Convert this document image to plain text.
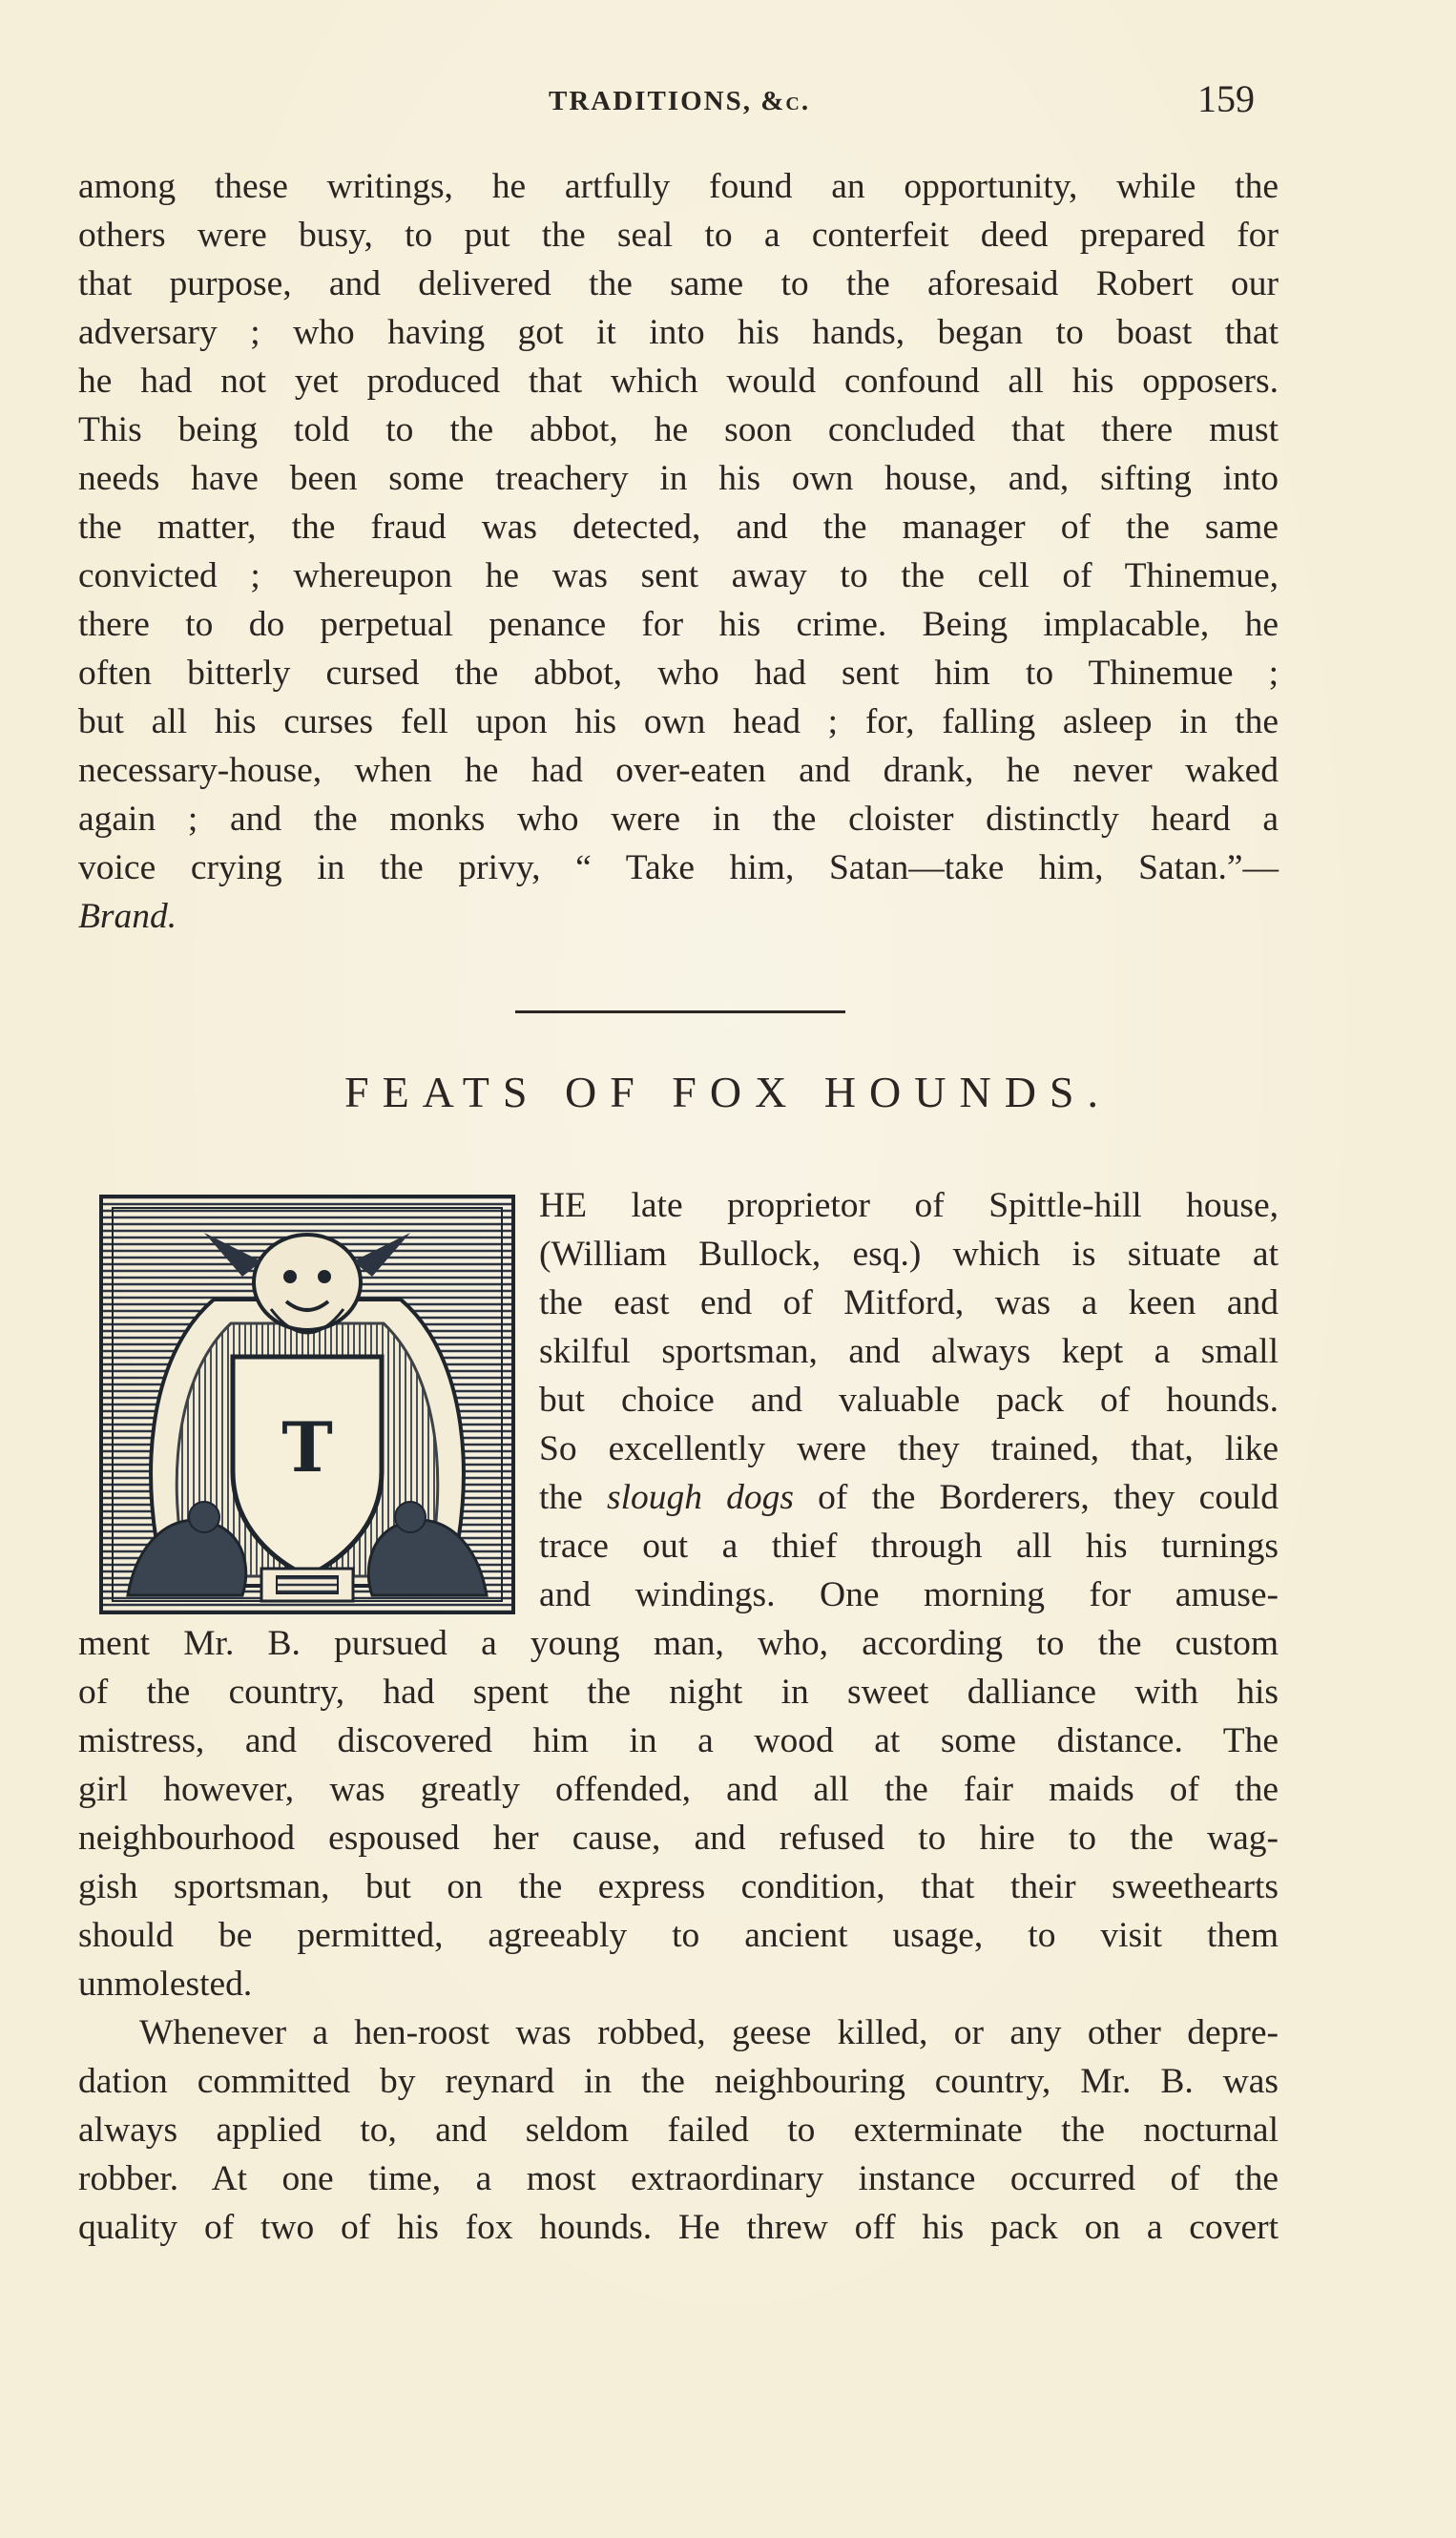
TRADITIONS, &c.	159
among these writings, he artfully found an opportunity, while the
others were busy, to put the seal to a conterfeit deed prepared for
that purpose, and delivered the same to the aforesaid Robert our
adversary ; who having got it into his hands, began to boast that
he had not yet produced that which would confound all his opposers.
This being told to the abbot, he soon concluded that there must
needs have been some treachery in his own house, and, sifting into
the matter, the fraud was detected, and the manager of the same
convicted ; whereupon he was sent away to the cell of Thinemue,
there to do perpetual penance for his crime. Being implacable, he
often bitterly cursed the abbot, who had sent him to Thinemue ;
but all his curses fell upon his own head ; for, falling asleep in the
necessary-house, when he had over-eaten and drank, he never waked
again ; and the monks who were in the cloister distinctly heard a
voice crying in the privy, “ Take him, Satan—take him, Satan.”—
Brand.
FEATS OF FOX HOUNDS.
T
HE late proprietor of Spittle-hill house,
(William Bullock, esq.) which is situate at
the east end of Mitford, was a keen and
skilful sportsman, and always kept a small
but choice and valuable pack of hounds.
So excellently were they trained, that, like
the slough dogs of the Borderers, they could
trace out a thief through all his turnings
and windings. One morning for amuse-
ment Mr. B. pursued a young man, who, according to the custom
of the country, had spent the night in sweet dalliance with his
mistress, and discovered him in a wood at some distance. The
girl however, was greatly offended, and all the fair maids of the
neighbourhood espoused her cause, and refused to hire to the wag-
gish sportsman, but on the express condition, that their sweethearts
should be permitted, agreeably to ancient usage, to visit them
unmolested.
Whenever a hen-roost was robbed, geese killed, or any other depre-
dation committed by reynard in the neighbouring country, Mr. B. was
always applied to, and seldom failed to exterminate the nocturnal
robber. At one time, a most extraordinary instance occurred of the
quality of two of his fox hounds. He threw off his pack on a covert
